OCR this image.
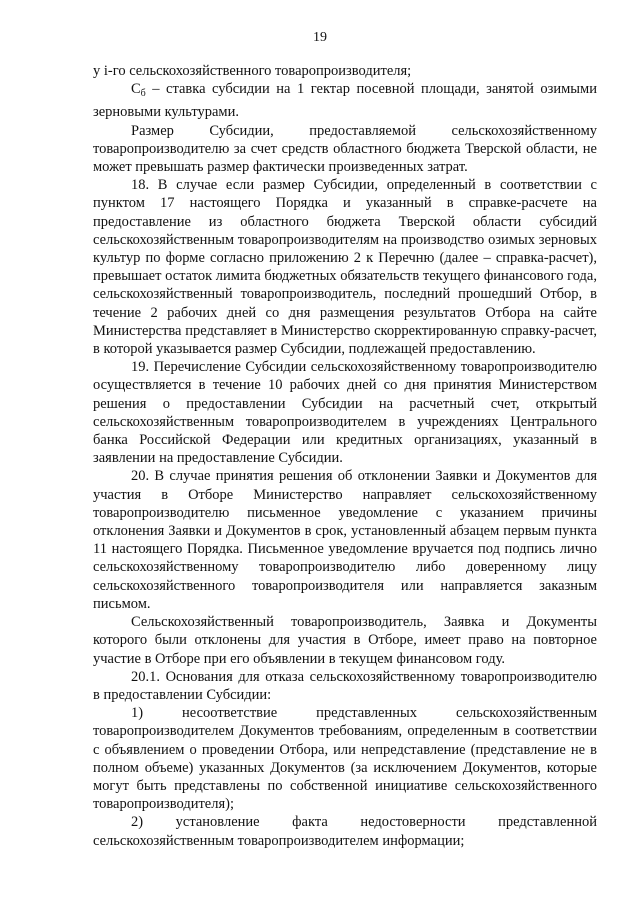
19

у i-го сельскохозяйственного товаропроизводителя;

$С_б$ – ставка субсидии на 1 гектар посевной площади, занятой озимыми зерновыми культурами.

Размер Субсидии, предоставляемой сельскохозяйственному товаропроизводителю за счет средств областного бюджета Тверской области, не может превышать размер фактически произведенных затрат.

18. В случае если размер Субсидии, определенный в соответствии с пунктом 17 настоящего Порядка и указанный в справке-расчете на предоставление из областного бюджета Тверской области субсидий сельскохозяйственным товаропроизводителям на производство озимых зерновых культур по форме согласно приложению 2 к Перечню (далее – справка-расчет), превышает остаток лимита бюджетных обязательств текущего финансового года, сельскохозяйственный товаропроизводитель, последний прошедший Отбор, в течение 2 рабочих дней со дня размещения результатов Отбора на сайте Министерства представляет в Министерство скорректированную справку-расчет, в которой указывается размер Субсидии, подлежащей предоставлению.

19. Перечисление Субсидии сельскохозяйственному товаропроизводителю осуществляется в течение 10 рабочих дней со дня принятия Министерством решения о предоставлении Субсидии на расчетный счет, открытый сельскохозяйственным товаропроизводителем в учреждениях Центрального банка Российской Федерации или кредитных организациях, указанный в заявлении на предоставление Субсидии.

20. В случае принятия решения об отклонении Заявки и Документов для участия в Отборе Министерство направляет сельскохозяйственному товаропроизводителю письменное уведомление с указанием причины отклонения Заявки и Документов в срок, установленный абзацем первым пункта 11 настоящего Порядка. Письменное уведомление вручается под подпись лично сельскохозяйственному товаропроизводителю либо доверенному лицу сельскохозяйственного товаропроизводителя или направляется заказным письмом.

Сельскохозяйственный товаропроизводитель, Заявка и Документы которого были отклонены для участия в Отборе, имеет право на повторное участие в Отборе при его объявлении в текущем финансовом году.

20.1. Основания для отказа сельскохозяйственному товаропроизводителю в предоставлении Субсидии:

1) несоответствие представленных сельскохозяйственным товаропроизводителем Документов требованиям, определенным в соответствии с объявлением о проведении Отбора, или непредставление (представление не в полном объеме) указанных Документов (за исключением Документов, которые могут быть представлены по собственной инициативе сельскохозяйственного товаропроизводителя);

2) установление факта недостоверности представленной сельскохозяйственным товаропроизводителем информации;
